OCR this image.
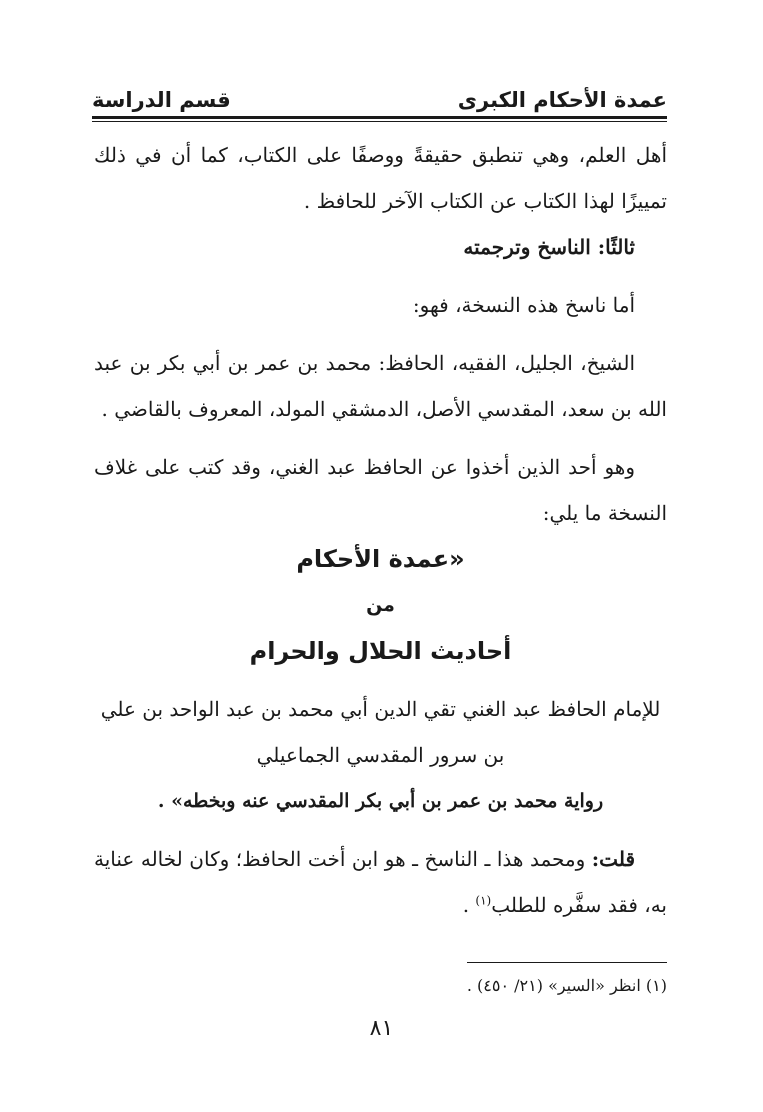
عمدة الأحكام الكبرى
قسم الدراسة

أهل العلم، وهي تنطبق حقيقةً ووصفًا على الكتاب، كما أن في ذلك تمييزًا لهذا الكتاب عن الكتاب الآخر للحافظ .

ثالثًا: الناسخ وترجمته

أما ناسخ هذه النسخة، فهو:

الشيخ، الجليل، الفقيه، الحافظ: محمد بن عمر بن أبي بكر بن عبد الله بن سعد، المقدسي الأصل، الدمشقي المولد، المعروف بالقاضي .

وهو أحد الذين أخذوا عن الحافظ عبد الغني، وقد كتب على غلاف النسخة ما يلي:

«عمدة الأحكام

من

أحاديث الحلال والحرام

للإمام الحافظ عبد الغني تقي الدين أبي محمد بن عبد الواحد بن علي بن سرور المقدسي الجماعيلي

رواية محمد بن عمر بن أبي بكر المقدسي عنه وبخطه» .

قلت: ومحمد هذا ـ الناسخ ـ هو ابن أخت الحافظ؛ وكان لخاله عناية به، فقد سفَّره للطلب$^{(١)}$ .

(١) انظر «السير» (٢١/ ٤٥٠) .
٨١
